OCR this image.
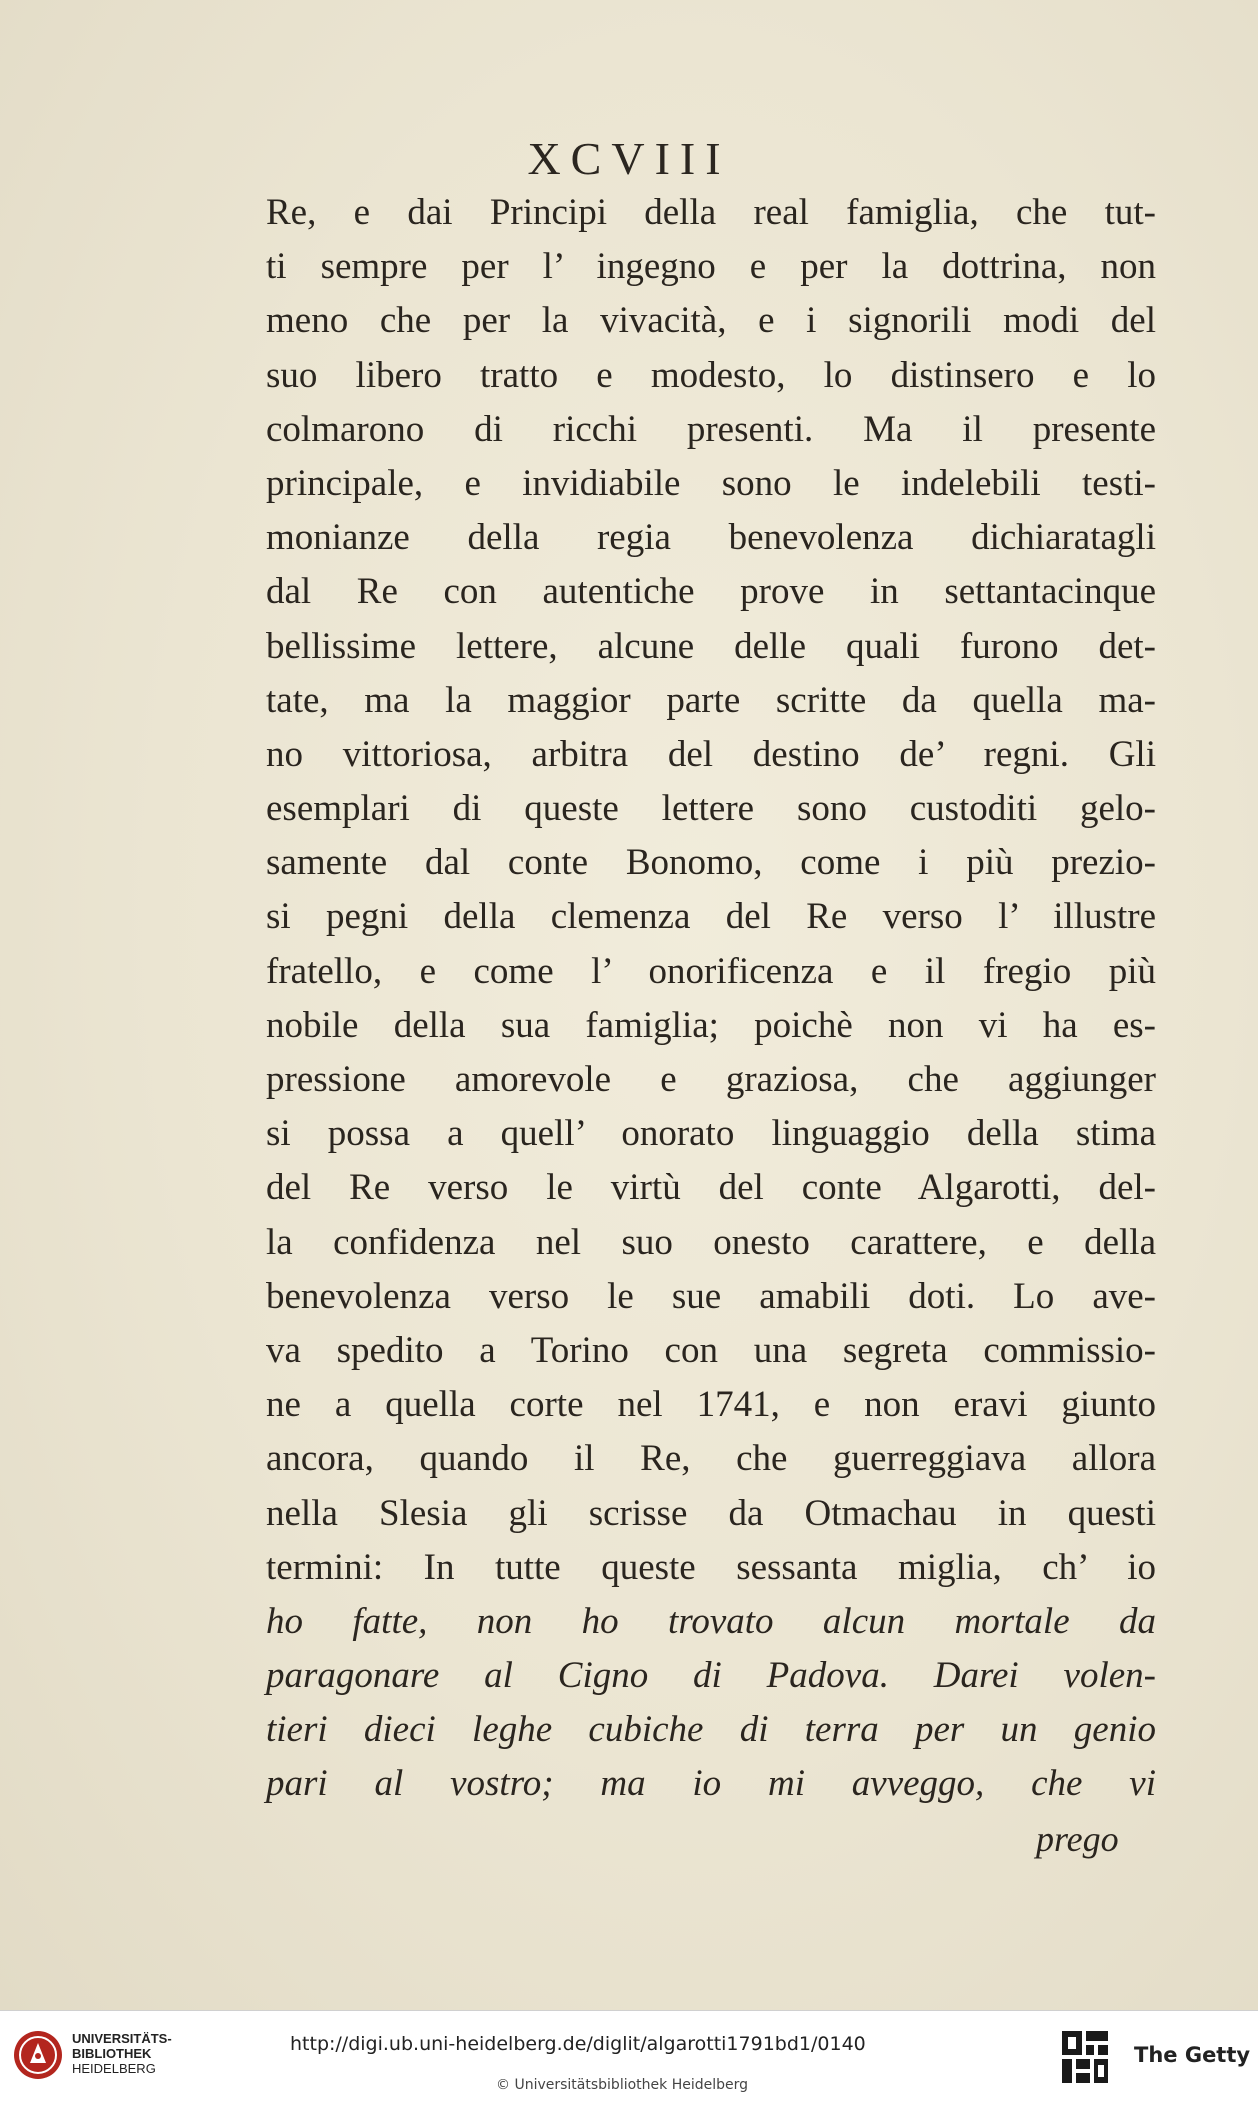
XCVIII
Re, e dai Principi della real famiglia, che tut-
ti sempre per l’ ingegno e per la dottrina, non
meno che per la vivacità, e i signorili modi del
suo libero tratto e modesto, lo distinsero e lo
colmarono di ricchi presenti. Ma il presente
principale, e invidiabile sono le indelebili testi-
monianze della regia benevolenza dichiaratagli
dal Re con autentiche prove in settantacinque
bellissime lettere, alcune delle quali furono det-
tate, ma la maggior parte scritte da quella ma-
no vittoriosa, arbitra del destino de’ regni. Gli
esemplari di queste lettere sono custoditi gelo-
samente dal conte Bonomo, come i più prezio-
si pegni della clemenza del Re verso l’ illustre
fratello, e come l’ onorificenza e il fregio più
nobile della sua famiglia; poichè non vi ha es-
pressione amorevole e graziosa, che aggiunger
si possa a quell’ onorato linguaggio della stima
del Re verso le virtù del conte Algarotti, del-
la confidenza nel suo onesto carattere, e della
benevolenza verso le sue amabili doti. Lo ave-
va spedito a Torino con una segreta commissio-
ne a quella corte nel 1741, e non eravi giunto
ancora, quando il Re, che guerreggiava allora
nella Slesia gli scrisse da Otmachau in questi
termini: In tutte queste sessanta miglia, ch’ io
ho fatte, non ho trovato alcun mortale da
paragonare al Cigno di Padova. Darei volen-
tieri dieci leghe cubiche di terra per un genio
pari al vostro; ma io mi avveggo, che vi
prego
UNIVERSITÄTS-
BIBLIOTHEK
HEIDELBERG
http://digi.ub.uni-heidelberg.de/diglit/algarotti1791bd1/0140
© Universitätsbibliothek Heidelberg
The Getty
